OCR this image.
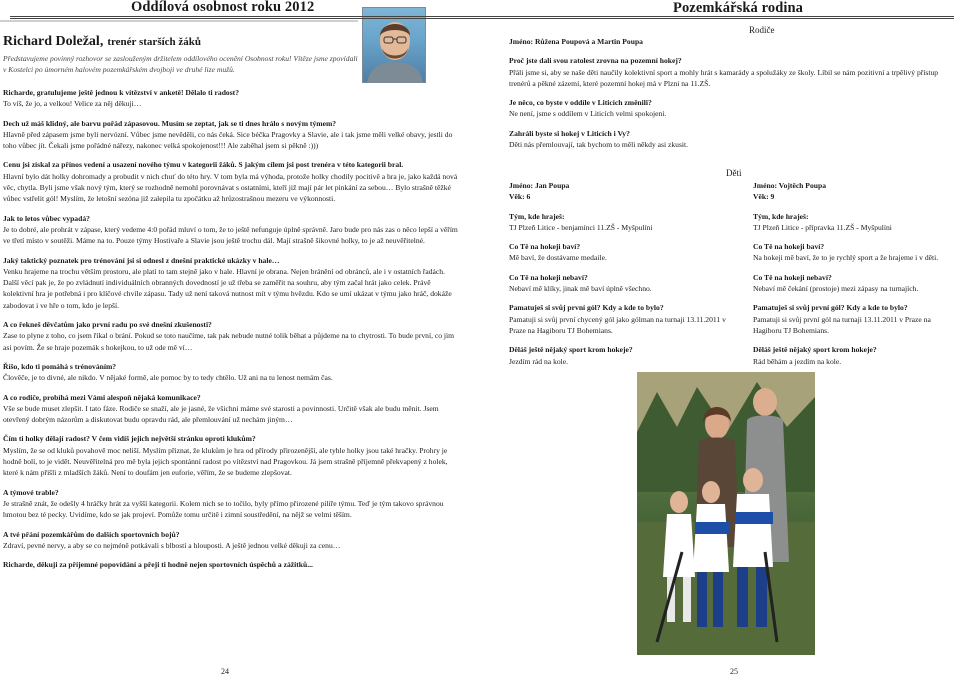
Oddílová osobnost roku 2012
Richard Doležal, trenér starších žáků
Představujeme povinný rozhovor se zaslouženým držitelem oddílového ocenění Osobnost roku! Vítěze jsme zpovídali v Kostelci po úmorném halovém pozemkářském dvojboji ve druhé lize mužů.
Richarde, gratulujeme ještě jednou k vítězství v anketě! Dělalo ti radost?
To víš, že jo, a velkou! Velice za něj děkuji…
Dech už máš klidný, ale barvu pořád zápasovou. Musím se zeptat, jak se ti dnes hrálo s novým týmem?
Hlavně před zápasem jsme byli nervózní. Vůbec jsme nevěděli, co nás čeká. Sice béčka Pragovky a Slavie, ale i tak jsme měli velké obavy, jestli do toho vůbec jít. Čekali jsme pořádné nářezy, nakonec velká spokojenost!!! Ale zaběhal jsem si pěkně :)))
Cenu jsi získal za přínos vedení a usazení nového týmu v kategorii žáků. S jakým cílem jsi post trenéra v této kategorii bral.
Hlavní bylo dát holky dohromady a probudit v nich chuť do této hry. V tom byla má výhoda, protože holky chodily pocitivě a hra je, jako každá nová věc, chytla. Byli jsme však nový tým, který se rozhodně nemohl porovnávat s ostatními, kteří již mají pár let pinkání za sebou… Bylo strašně těžké vůbec vstřelit gól! Myslím, že letošní sezóna již zalepila tu zpočátku až hrůzostrašnou mezeru ve výkonnosti.
Jak to letos vůbec vypadá?
Je to dobré, ale prohrát v zápase, který vedeme 4:0 pořád mluví o tom, že to ještě nefunguje úplně správně. Jaro bude pro nás zas o něco lepší a věřím ve třetí místo v soutěži. Máme na to. Pouze týmy Hostivaře a Slavie jsou ještě trochu dál. Mají strašně šikovné holky, to je až neuvěřitelné.
Jaký taktický poznatek pro trénování jsi si odnesl z dnešní praktické ukázky v hale…
Venku hrajeme na trochu větším prostoru, ale platí to tam stejně jako v hale. Hlavní je obrana. Nejen bránění od obránců, ale i v ostatních řadách. Další věcí pak je, že po zvládnutí individuálních obranných dovedností je už třeba se zaměřit na souhru, aby tým začal hrát jako celek. Právě kolektivní hra je potřebná i pro klíčové chvíle zápasu. Tady už není taková nutnost mít v týmu hvězdu. Kdo se umí ukázat v týmu jako hráč, dokáže zabodovat i ve hře o tom, kdo je lepší.
A co řekneš děvčatům jako první radu po své dnešní zkušenosti?
Zase to plyne z toho, co jsem říkal o brání. Pokud se toto naučíme, tak pak nebude nutné tolik běhat a půjdeme na to chytrosti. To bude první, co jim asi povím. Že se hraje pozemák s hokejkou, to už ode mě ví…
Říšo, kdo ti pomáhá s trénováním?
Člověče, je to divné, ale nikdo. V nějaké formě, ale pomoc by to tedy chtělo. Už ani na tu lenost nemám čas.
A co rodiče, probíhá mezi Vámi alespoň nějaká komunikace?
Vše se bude muset zlepšit. I tato fáze. Rodiče se snaží, ale je jasné, že všichni máme své starosti a povinnosti. Určitě však ale budu měnit. Jsem otevřený dobrým názorům a diskutovat budu opravdu rád, ale přemlouvání už nechám jiným…
Čím ti holky dělají radost? V čem vidíš jejich největší stránku oproti klukům?
Myslím, že se od kluků povahově moc neliší. Myslím přiznat, že klukům je hra od přírody přirozenější, ale tyhle holky jsou také hračky. Prohry je hodně bolí, to je vidět. Neuvěřitelná pro mě byla jejich spontánní radost po vítězství nad Pragovkou. Já jsem strašně příjemně překvapený z holek, které k nám přišli z mladších žáků. Není to doufám jen euforie, věřím, že se budeme zlepšovat.
A týmové trable?
Je strašně znát, že odešly 4 hráčky hrát za vyšší kategorii. Kolem nich se to točilo, byly přímo přirozené pilíře týmu. Teď je tým takovo správnou hmotou bez té pecky. Uvidíme, kdo se jak projeví. Pomůže tomu určitě i zimní soustředění, na nějž se velmi těším.
A tvé přání pozemkářům do dalších sportovních bojů?
Zdraví, pevné nervy, a aby se co nejméně potkávali s blbostí a hlouposti. A ještě jednou velké děkuji za cenu…
Richarde, děkuji za příjemné popovídání a přeji ti hodně nejen sportovních úspěchů a zážitků...
Pozemkářská rodina
Rodiče
Jméno: Růžena Poupová a Martin Poupa
Proč jste dali svou ratolest zrovna na pozemní hokej?
Přáli jsme si, aby se naše děti naučily kolektivní sport a mohly hrát s kamarády a spolužáky ze školy. Líbil se nám pozitivní a trpělivý přístup trenérů a pěkné zázemí, které pozemní hokej má v Plzni na 11.ZŠ.
Je něco, co byste v oddíle v Liticích změnili?
Ne není, jsme s oddílem v Liticích velmi spokojeni.
Zahráli byste si hokej v Liticích i Vy?
Děti nás přemlouvají, tak bychom to měli někdy asi zkusit.
Děti
Jméno: Jan Poupa
Věk: 6
Tým, kde hraješ:
TJ Plzeň Litice - benjamínci 11.ZŠ - Myšpulíni
Co Tě na hokeji baví?
Mě baví, že dostávame medaile.
Co Tě na hokeji nebaví?
Nebaví mě klíky, jinak mě baví úplně všechno.
Pamatuješ si svůj první gól? Kdy a kde to bylo?
Pamatuji si svůj první chycený gól jako gólman na turnaji 13.11.2011 v Praze na Hagiboru TJ Bohemians.
Děláš ještě nějaký sport krom hokeje?
Jezdím rád na kole.
Jméno: Vojtěch Poupa
Věk: 9
Tým, kde hraješ:
TJ Plzeň Litice - přípravka 11.ZŠ - Myšpulíni
Co Tě na hokeji baví?
Na hokeji mě baví, že to je rychlý sport a že hrajeme i v děti.
Co Tě na hokeji nebaví?
Nebaví mě čekání (prostoje) mezi zápasy na turnajích.
Pamatuješ si svůj první gól? Kdy a kde to bylo?
Pamatuji si svůj první gól na turnaji 13.11.2011 v Praze na Hagiboru TJ Bohemians.
Děláš ještě nějaký sport krom hokeje?
Rád běhám a jezdím na kole.
24	25
